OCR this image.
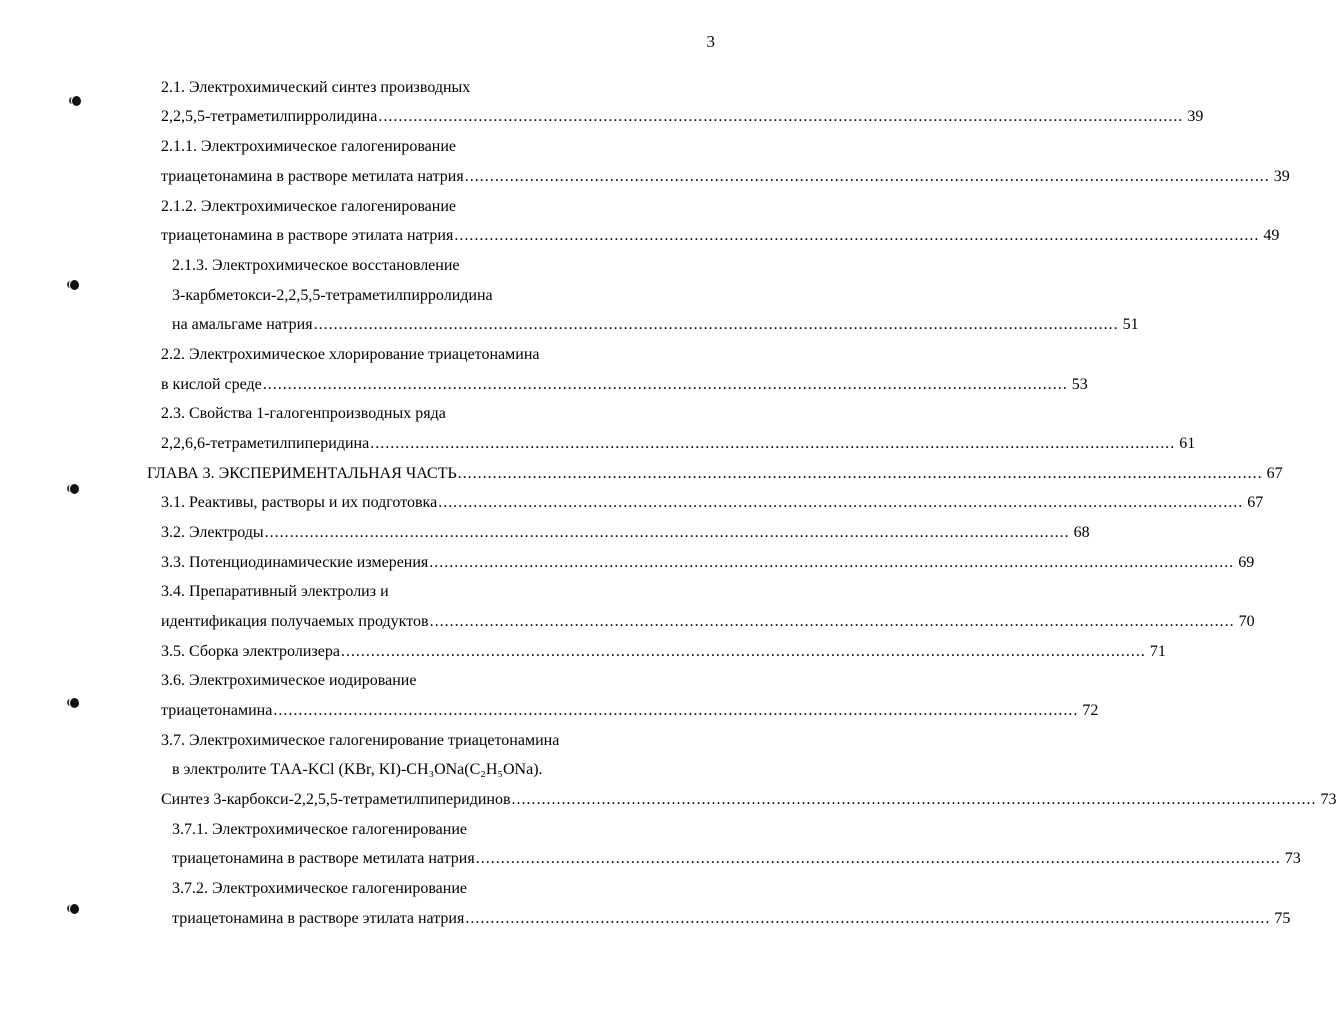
3
2.1. Электрохимический синтез производных
2,2,5,5-тетраметилпирролидина ................................................................................................................................................................. 39
2.1.1. Электрохимическое галогенирование
триацетонамина в растворе метилата натрия ................................................................................................................................................................. 39
2.1.2. Электрохимическое галогенирование
триацетонамина в растворе этилата натрия ................................................................................................................................................................. 49
2.1.3. Электрохимическое восстановление
3-карбметокси-2,2,5,5-тетраметилпирролидина
на амальгаме натрия ................................................................................................................................................................. 51
2.2. Электрохимическое хлорирование триацетонамина
в кислой среде ................................................................................................................................................................. 53
2.3. Свойства 1-галогенпроизводных ряда
2,2,6,6-тетраметилпиперидина ................................................................................................................................................................. 61
ГЛАВА 3. ЭКСПЕРИМЕНТАЛЬНАЯ ЧАСТЬ ................................................................................................................................................................. 67
3.1. Реактивы, растворы и их подготовка ................................................................................................................................................................. 67
3.2. Электроды ................................................................................................................................................................. 68
3.3. Потенциодинамические измерения ................................................................................................................................................................. 69
3.4. Препаративный электролиз и
идентификация получаемых продуктов ................................................................................................................................................................. 70
3.5. Сборка электролизера ................................................................................................................................................................. 71
3.6. Электрохимическое иодирование
триацетонамина ................................................................................................................................................................. 72
3.7. Электрохимическое галогенирование триацетонамина
в электролите ТАА-KCl (KBr, KI)-CH₃ONa(C₂H₅ONa).
Синтез 3-карбокси-2,2,5,5-тетраметилпиперидинов ................................................................................................................................................................. 73
3.7.1. Электрохимическое галогенирование
триацетонамина в растворе метилата натрия ................................................................................................................................................................. 73
3.7.2. Электрохимическое галогенирование
триацетонамина в растворе этилата натрия ................................................................................................................................................................. 75
